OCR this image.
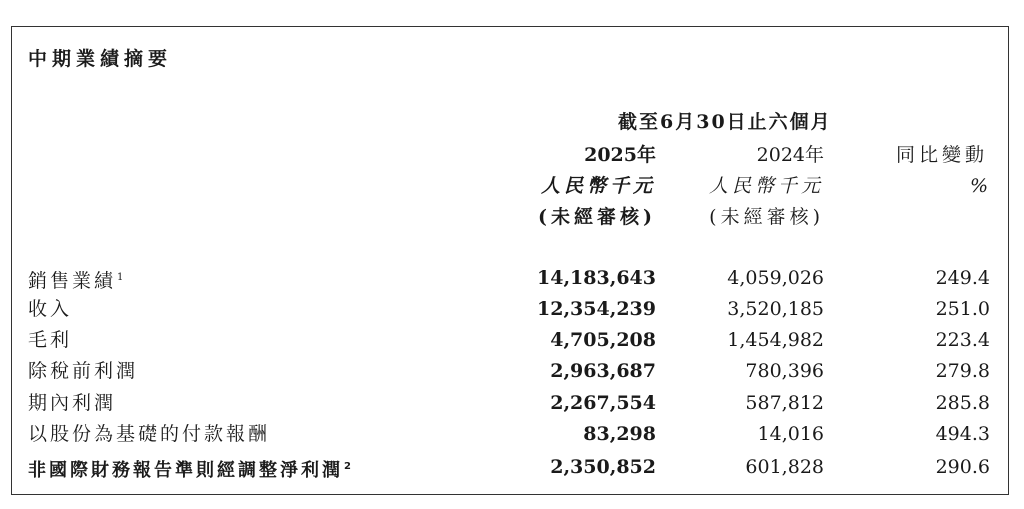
中期業績摘要
截至6月30日止六個月
2025年	2024年	同比變動
人民幣千元	人民幣千元	%
(未經審核)	(未經審核)
銷售業績$^1$	14,183,643	4,059,026	249.4
收入	12,354,239	3,520,185	251.0
毛利	4,705,208	1,454,982	223.4
除稅前利潤	2,963,687	780,396	279.8
期內利潤	2,267,554	587,812	285.8
以股份為基礎的付款報酬	83,298	14,016	494.3
非國際財務報告準則經調整淨利潤$^2$	2,350,852	601,828	290.6
